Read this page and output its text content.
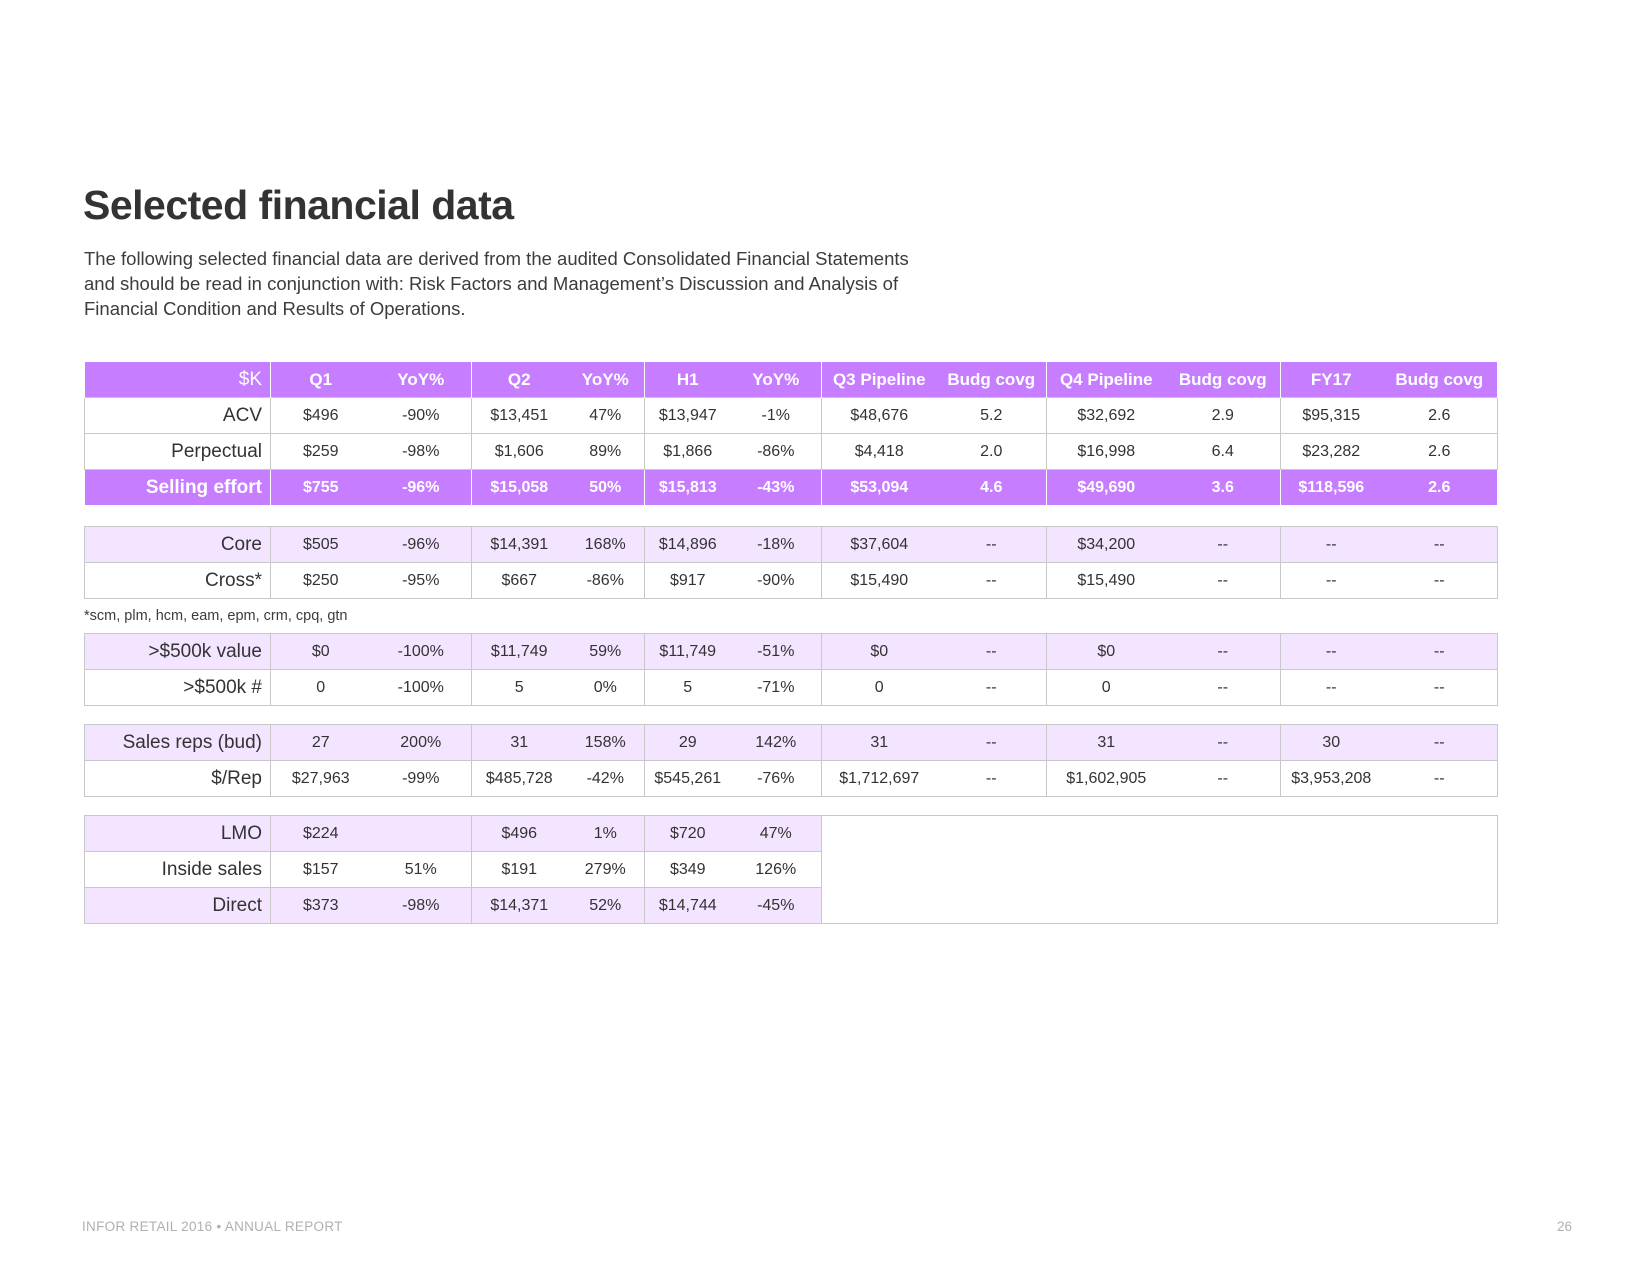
Selected financial data

The following selected financial data are derived from the audited Consolidated Financial Statements and should be read in conjunction with: Risk Factors and Management’s Discussion and Analysis of Financial Condition and Results of Operations.

$K	Q1	YoY%	Q2	YoY%	H1	YoY%	Q3 Pipeline	Budg covg	Q4 Pipeline	Budg covg	FY17	Budg covg
ACV	$496	-90%	$13,451	47%	$13,947	-1%	$48,676	5.2	$32,692	2.9	$95,315	2.6
Perpectual	$259	-98%	$1,606	89%	$1,866	-86%	$4,418	2.0	$16,998	6.4	$23,282	2.6
Selling effort	$755	-96%	$15,058	50%	$15,813	-43%	$53,094	4.6	$49,690	3.6	$118,596	2.6
Core	$505	-96%	$14,391	168%	$14,896	-18%	$37,604	--	$34,200	--	--	--
Cross*	$250	-95%	$667	-86%	$917	-90%	$15,490	--	$15,490	--	--	--

*scm, plm, hcm, eam, epm, crm, cpq, gtn

>$500k value	$0	-100%	$11,749	59%	$11,749	-51%	$0	--	$0	--	--	--
>$500k #	0	-100%	5	0%	5	-71%	0	--	0	--	--	--
Sales reps (bud)	27	200%	31	158%	29	142%	31	--	31	--	30	--
$/Rep	$27,963	-99%	$485,728	-42%	$545,261	-76%	$1,712,697	--	$1,602,905	--	$3,953,208	--
LMO	$224		$496	1%	$720	47%	
Inside sales	$157	51%	$191	279%	$349	126%	
Direct	$373	-98%	$14,371	52%	$14,744	-45%	
INFOR RETAIL 2016 • ANNUAL REPORT	26
